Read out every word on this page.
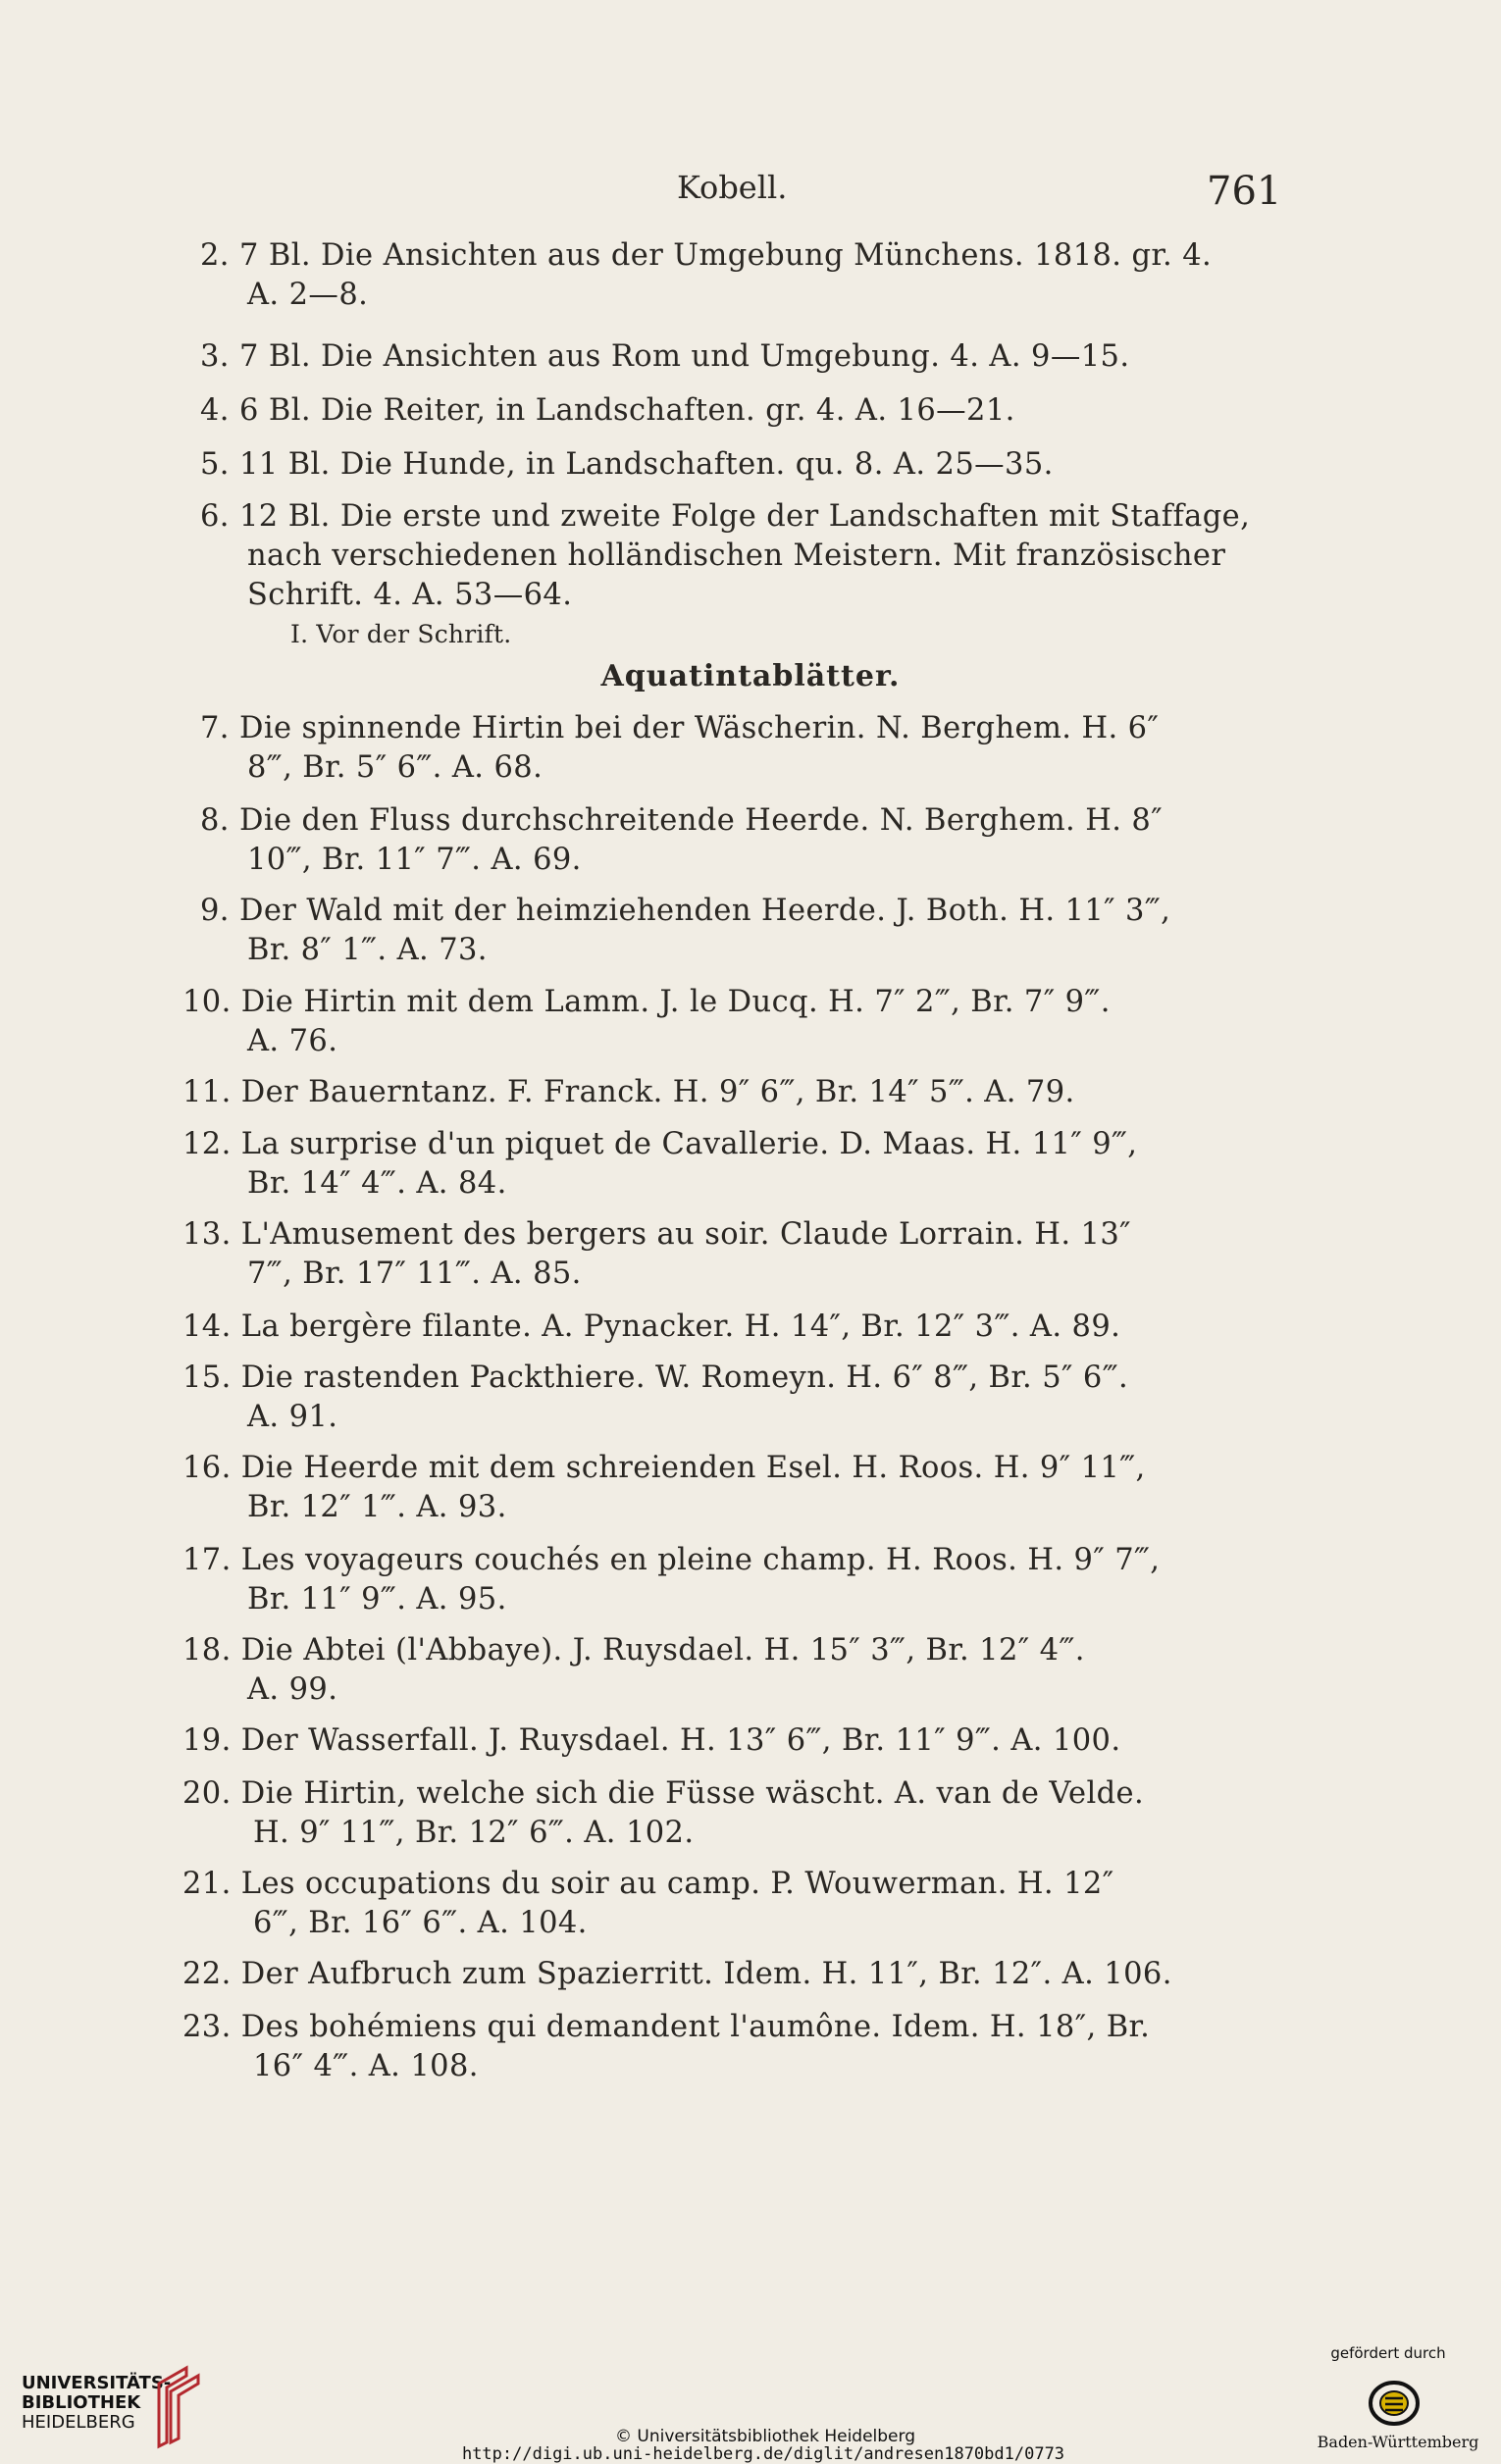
Kobell.	761
2. 7 Bl. Die Ansichten aus der Umgebung Münchens. 1818. gr. 4.
A. 2—8.
3. 7 Bl. Die Ansichten aus Rom und Umgebung. 4. A. 9—15.
4. 6 Bl. Die Reiter, in Landschaften. gr. 4. A. 16—21.
5. 11 Bl. Die Hunde, in Landschaften. qu. 8. A. 25—35.
6. 12 Bl. Die erste und zweite Folge der Landschaften mit Staffage,
nach verschiedenen holländischen Meistern. Mit französischer
Schrift. 4. A. 53—64.
I. Vor der Schrift.
7. Die spinnende Hirtin bei der Wäscherin. N. Berghem. H. 6″
8‴, Br. 5″ 6‴. A. 68.
8. Die den Fluss durchschreitende Heerde. N. Berghem. H. 8″
10‴, Br. 11″ 7‴. A. 69.
9. Der Wald mit der heimziehenden Heerde. J. Both. H. 11″ 3‴,
Br. 8″ 1‴. A. 73.
10. Die Hirtin mit dem Lamm. J. le Ducq. H. 7″ 2‴, Br. 7″ 9‴.
A. 76.
11. Der Bauerntanz. F. Franck. H. 9″ 6‴, Br. 14″ 5‴. A. 79.
12. La surprise d'un piquet de Cavallerie. D. Maas. H. 11″ 9‴,
Br. 14″ 4‴. A. 84.
13. L'Amusement des bergers au soir. Claude Lorrain. H. 13″
7‴, Br. 17″ 11‴. A. 85.
14. La bergère filante. A. Pynacker. H. 14″, Br. 12″ 3‴. A. 89.
15. Die rastenden Packthiere. W. Romeyn. H. 6″ 8‴, Br. 5″ 6‴.
A. 91.
16. Die Heerde mit dem schreienden Esel. H. Roos. H. 9″ 11‴,
Br. 12″ 1‴. A. 93.
17. Les voyageurs couchés en pleine champ. H. Roos. H. 9″ 7‴,
Br. 11″ 9‴. A. 95.
18. Die Abtei (l'Abbaye). J. Ruysdael. H. 15″ 3‴, Br. 12″ 4‴.
A. 99.
19. Der Wasserfall. J. Ruysdael. H. 13″ 6‴, Br. 11″ 9‴. A. 100.
20. Die Hirtin, welche sich die Füsse wäscht. A. van de Velde.
H. 9″ 11‴, Br. 12″ 6‴. A. 102.
21. Les occupations du soir au camp. P. Wouwerman. H. 12″
6‴, Br. 16″ 6‴. A. 104.
22. Der Aufbruch zum Spazierritt. Idem. H. 11″, Br. 12″. A. 106.
23. Des bohémiens qui demandent l'aumône. Idem. H. 18″, Br.
16″ 4‴. A. 108.
Aquatintablätter.
UNIVERSITÄTS-
BIBLIOTHEK
HEIDELBERG
© Universitätsbibliothek Heidelberg
http://digi.ub.uni-heidelberg.de/diglit/andresen1870bd1/0773
gefördert durch
Baden-Württemberg
